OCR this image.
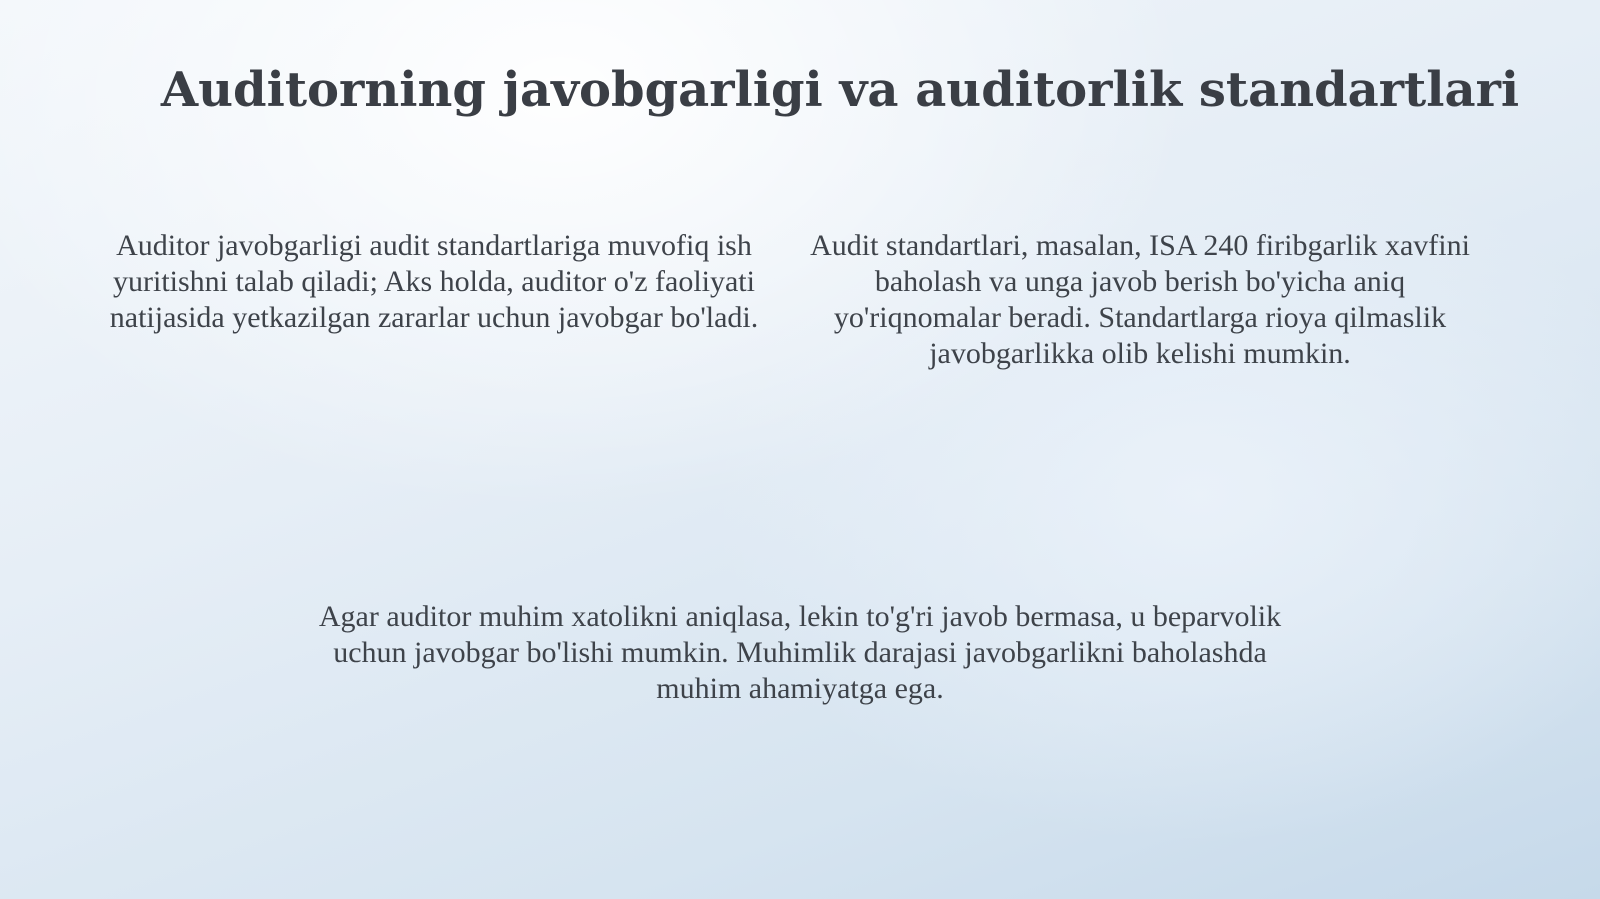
Auditorning javobgarligi va auditorlik standartlari

Auditor javobgarligi audit standartlariga muvofiq ish yuritishni talab qiladi; Aks holda, auditor o'z faoliyati natijasida yetkazilgan zararlar uchun javobgar bo'ladi.

Audit standartlari, masalan, ISA 240 firibgarlik xavfini baholash va unga javob berish bo'yicha aniq yo'riqnomalar beradi. Standartlarga rioya qilmaslik javobgarlikka olib kelishi mumkin.

Agar auditor muhim xatolikni aniqlasa, lekin to'g'ri javob bermasa, u beparvolik uchun javobgar bo'lishi mumkin. Muhimlik darajasi javobgarlikni baholashda muhim ahamiyatga ega.
